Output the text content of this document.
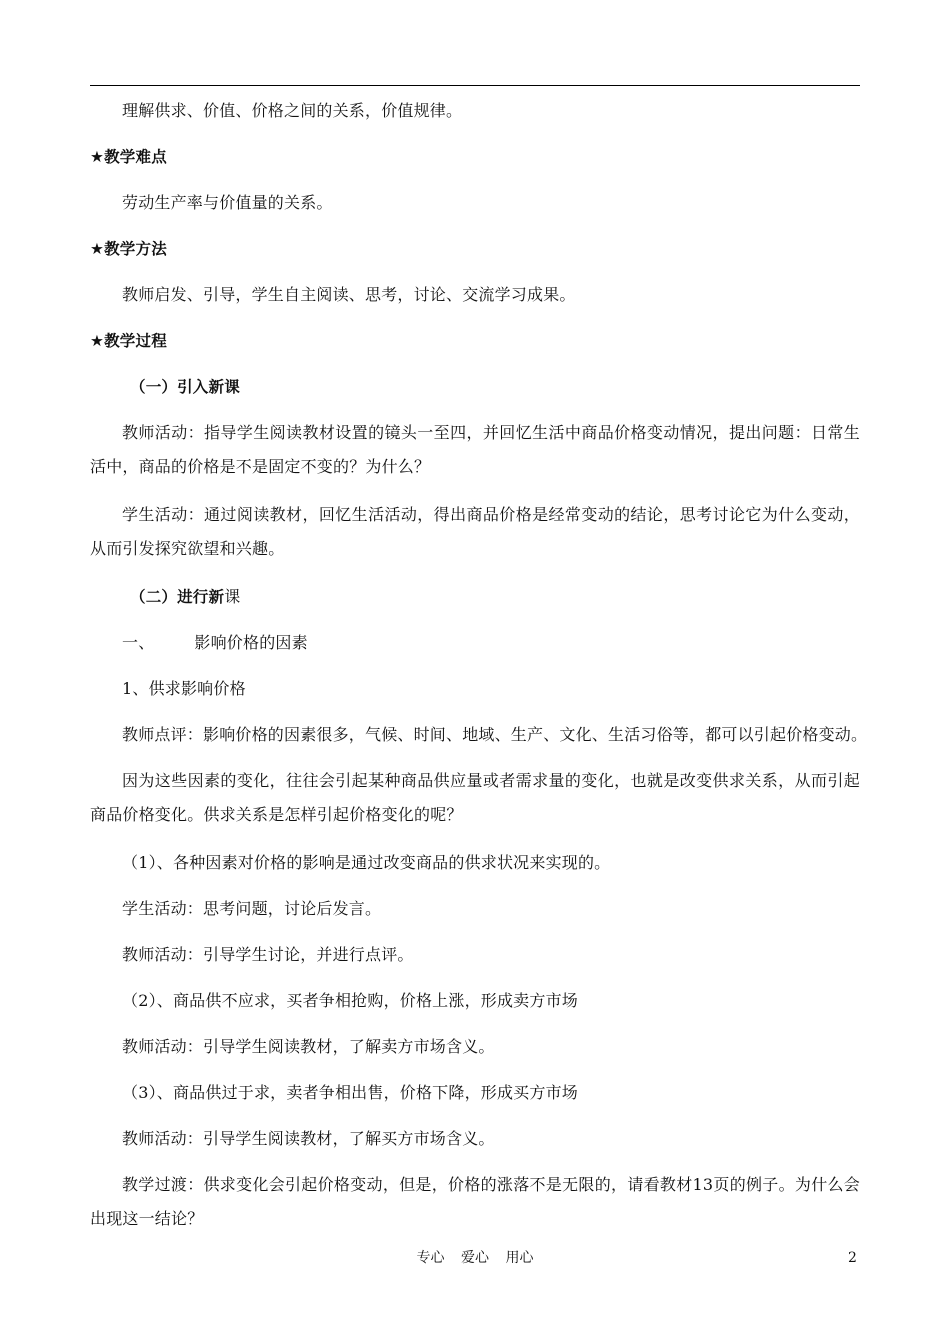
理解供求、价值、价格之间的关系，价值规律。
★教学难点
劳动生产率与价值量的关系。
★教学方法
教师启发、引导，学生自主阅读、思考，讨论、交流学习成果。
★教学过程
（一）引入新课
教师活动：指导学生阅读教材设置的镜头一至四，并回忆生活中商品价格变动情况，提出问题：日常生
活中，商品的价格是不是固定不变的？为什么？
学生活动：通过阅读教材，回忆生活活动，得出商品价格是经常变动的结论，思考讨论它为什么变动，
从而引发探究欲望和兴趣。
（二）进行新课
一、	影响价格的因素
1、供求影响价格
教师点评：影响价格的因素很多，气候、时间、地域、生产、文化、生活习俗等，都可以引起价格变动。
因为这些因素的变化，往往会引起某种商品供应量或者需求量的变化，也就是改变供求关系，从而引起
商品价格变化。供求关系是怎样引起价格变化的呢？
（1）、各种因素对价格的影响是通过改变商品的供求状况来实现的。
学生活动：思考问题，讨论后发言。
教师活动：引导学生讨论，并进行点评。
（2）、商品供不应求，买者争相抢购，价格上涨，形成卖方市场
教师活动：引导学生阅读教材，了解卖方市场含义。
（3）、商品供过于求，卖者争相出售，价格下降，形成买方市场
教师活动：引导学生阅读教材，了解买方市场含义。
教学过渡：供求变化会引起价格变动，但是，价格的涨落不是无限的，请看教材13页的例子。为什么会
出现这一结论？
专心 爱心 用心	2
